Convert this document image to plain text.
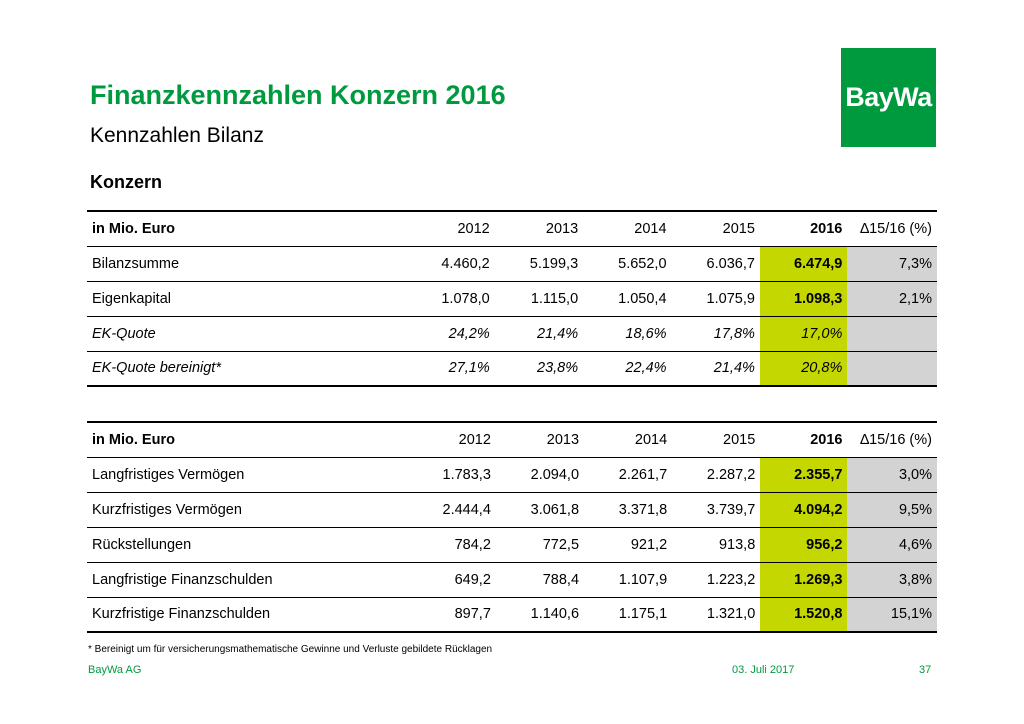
Finanzkennzahlen Konzern 2016
Kennzahlen Bilanz
Konzern
BayWa
in Mio. Euro	2012	2013	2014	2015	2016	∆15/16 (%)
Bilanzsumme	4.460,2	5.199,3	5.652,0	6.036,7	6.474,9	7,3%
Eigenkapital	1.078,0	1.115,0	1.050,4	1.075,9	1.098,3	2,1%
EK-Quote	24,2%	21,4%	18,6%	17,8%	17,0%	
EK-Quote bereinigt*	27,1%	23,8%	22,4%	21,4%	20,8%	
in Mio. Euro	2012	2013	2014	2015	2016	∆15/16 (%)
Langfristiges Vermögen	1.783,3	2.094,0	2.261,7	2.287,2	2.355,7	3,0%
Kurzfristiges Vermögen	2.444,4	3.061,8	3.371,8	3.739,7	4.094,2	9,5%
Rückstellungen	784,2	772,5	921,2	913,8	956,2	4,6%
Langfristige Finanzschulden	649,2	788,4	1.107,9	1.223,2	1.269,3	3,8%
Kurzfristige Finanzschulden	897,7	1.140,6	1.175,1	1.321,0	1.520,8	15,1%
* Bereinigt um für versicherungsmathematische Gewinne und Verluste gebildete Rücklagen
BayWa AG	03. Juli 2017	37
